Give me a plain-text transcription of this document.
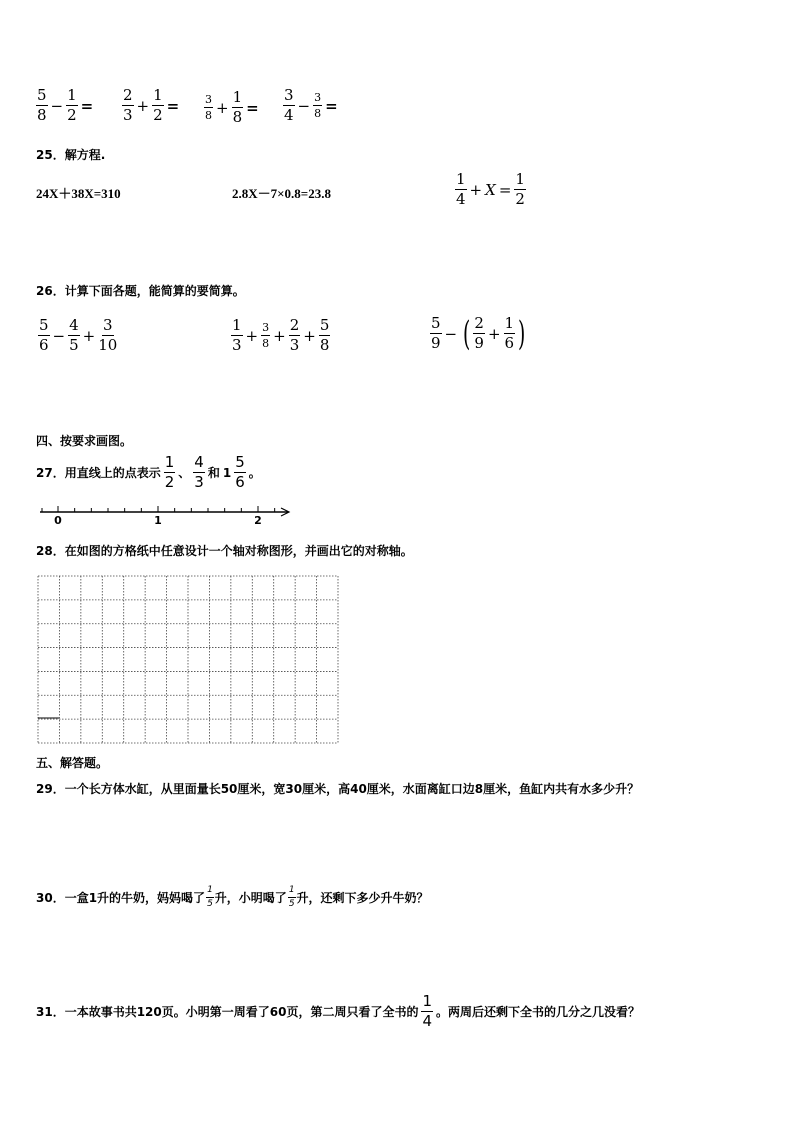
$\frac{5}{8} - \frac{1}{2} = \frac{2}{3} + \frac{1}{2} = \frac{3}{8} + \frac{1}{8} = \frac{3}{4} - \frac{3}{8}$ =
25．解方程.
24X＋38X=310	2.8X－7×0.8=23.8	$\frac{1}{4} + X = \frac{1}{2}$
26．计算下面各题，能简算的要简算。
$\frac{5}{6} - \frac{4}{5} + \frac{3}{10}$	$\frac{1}{3} + \frac{3}{8} + \frac{2}{3} + \frac{5}{8}$	$\frac{5}{9}$ − ( $\frac{2}{9} + \frac{1}{6}$ )
四、按要求画图。
27．用直线上的点表示 $\frac{1}{2}$ 、 $\frac{4}{3}$ 和 $1 \frac{5}{6}$ 。
0	1	2
28．在如图的方格纸中任意设计一个轴对称图形，并画出它的对称轴。
五、解答题。
29．一个长方体水缸，从里面量长50厘米，宽30厘米，高40厘米，水面离缸口边8厘米，鱼缸内共有水多少升？
30．一盒1升的牛奶，妈妈喝了 $\frac{1}{5}$ 升，小明喝了 $\frac{1}{5}$ 升，还剩下多少升牛奶？
31．一本故事书共120页。小明第一周看了60页，第二周只看了全书的 $\frac{1}{4}$ 。两周后还剩下全书的几分之几没看？
